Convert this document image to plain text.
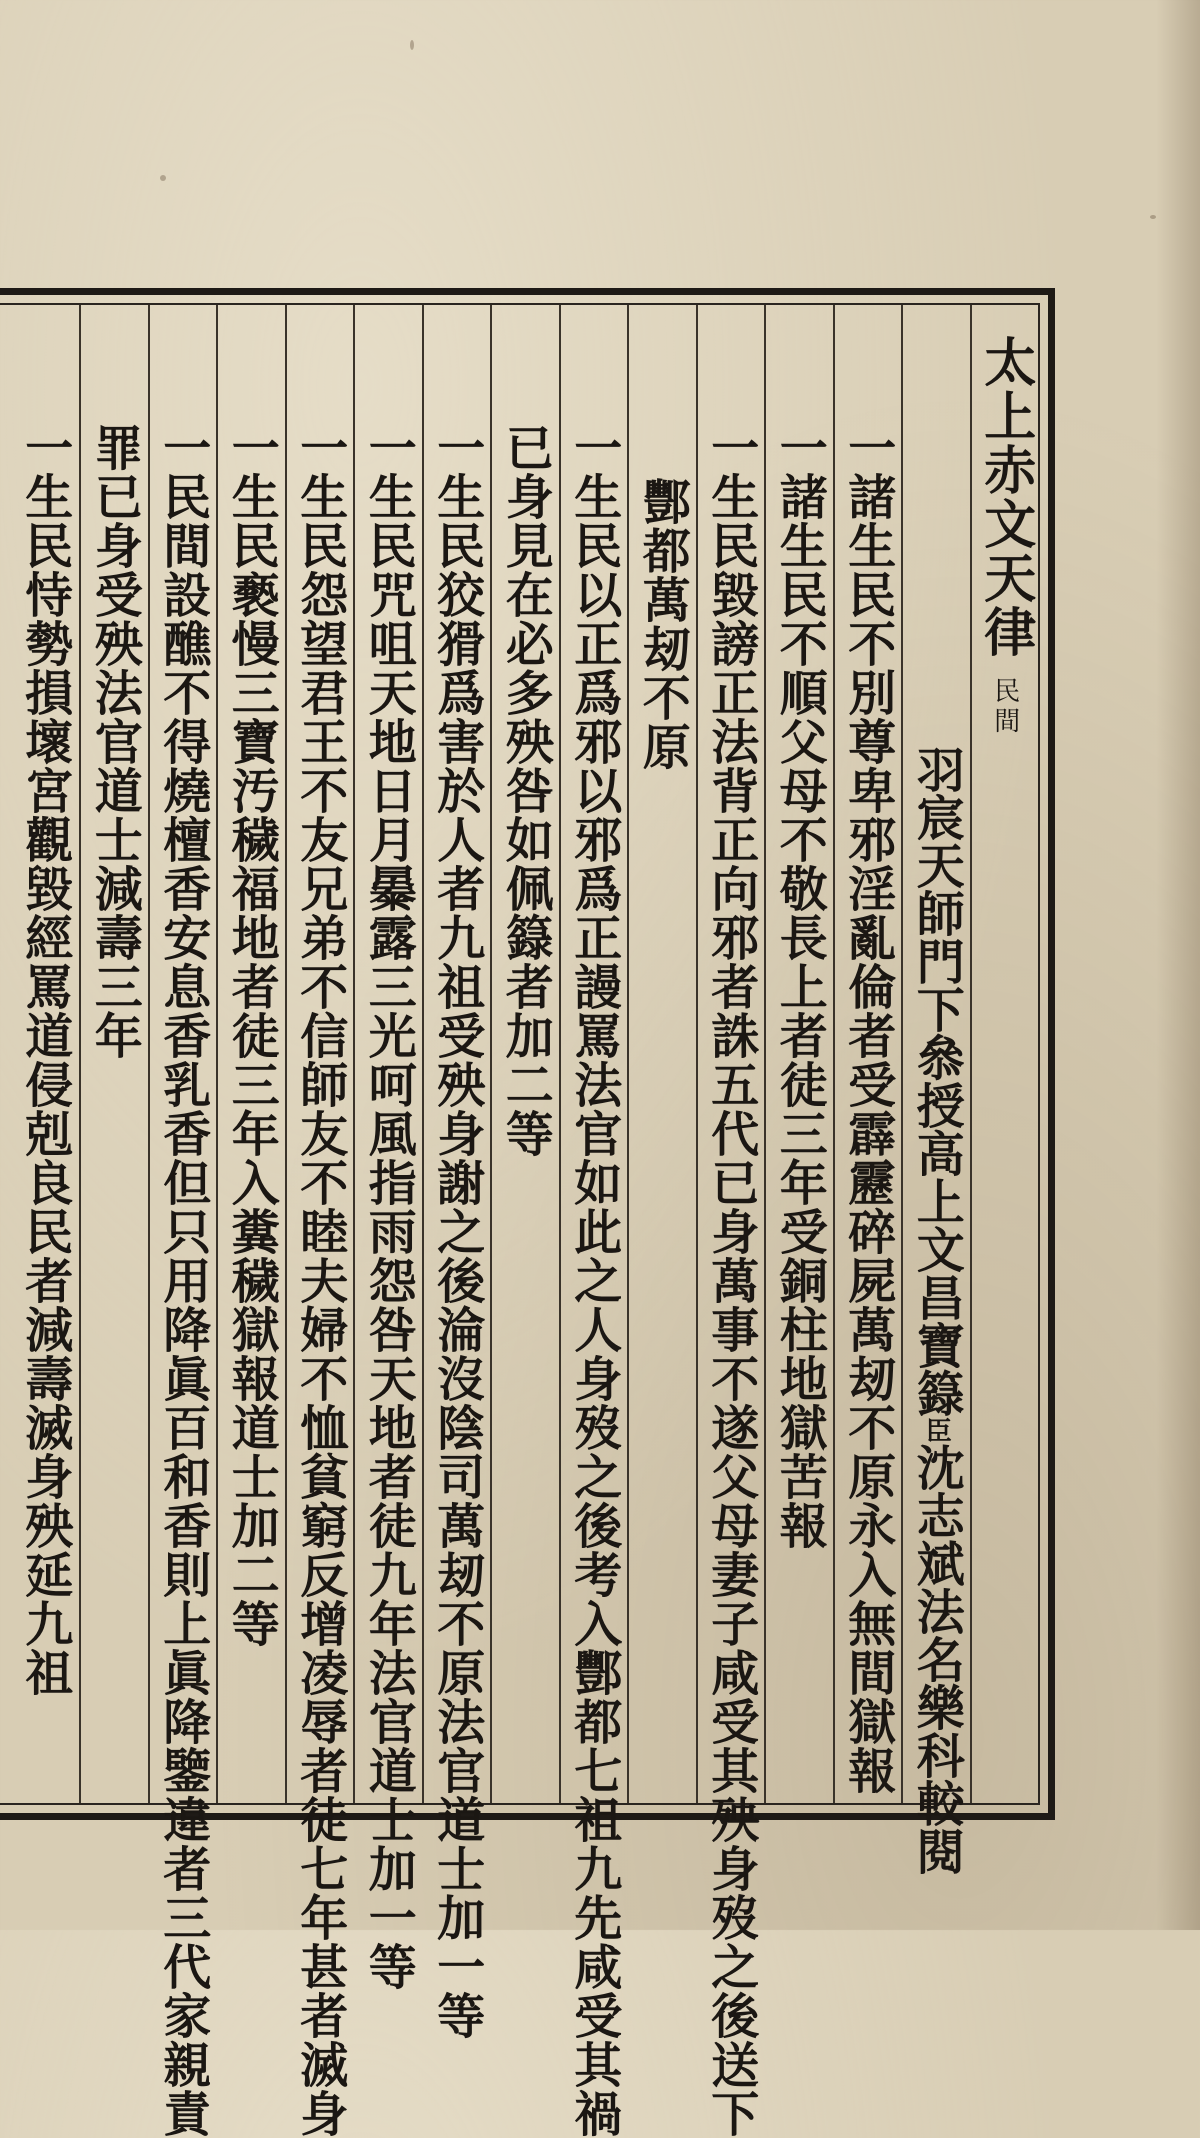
太上赤文天律
民間
羽宸天師門下叅授高上文昌寶籙臣沈志斌法名樂科較閱
一諸生民不別尊卑邪淫亂倫者受霹靂碎屍萬刼不原永入無間獄報
一諸生民不順父母不敬長上者徒三年受銅柱地獄苦報
一生民毀謗正法背正向邪者誅五代已身萬事不遂父母妻子咸受其殃身歿之後送下
酆都萬刼不原
一生民以正爲邪以邪爲正謾罵法官如此之人身歿之後考入酆都七祖九先咸受其禍
已身見在必多殃咎如佩籙者加二等
一生民狡猾爲害於人者九祖受殃身謝之後淪沒陰司萬刼不原法官道士加一等
一生民咒咀天地日月㬥露三光呵風指雨怨咎天地者徒九年法官道士加一等
一生民怨望君王不友兄弟不信師友不睦夫婦不恤貧窮反增凌辱者徒七年甚者滅身
一生民褻慢三寶汚穢福地者徒三年入糞穢獄報道士加二等
一民間設醮不得燒檀香安息香乳香但只用降眞百和香則上眞降鑒違者三代家親責
罪已身受殃法官道士減壽三年
一生民恃勢損壞宮觀毀經罵道侵剋良民者減壽滅身殃延九祖
